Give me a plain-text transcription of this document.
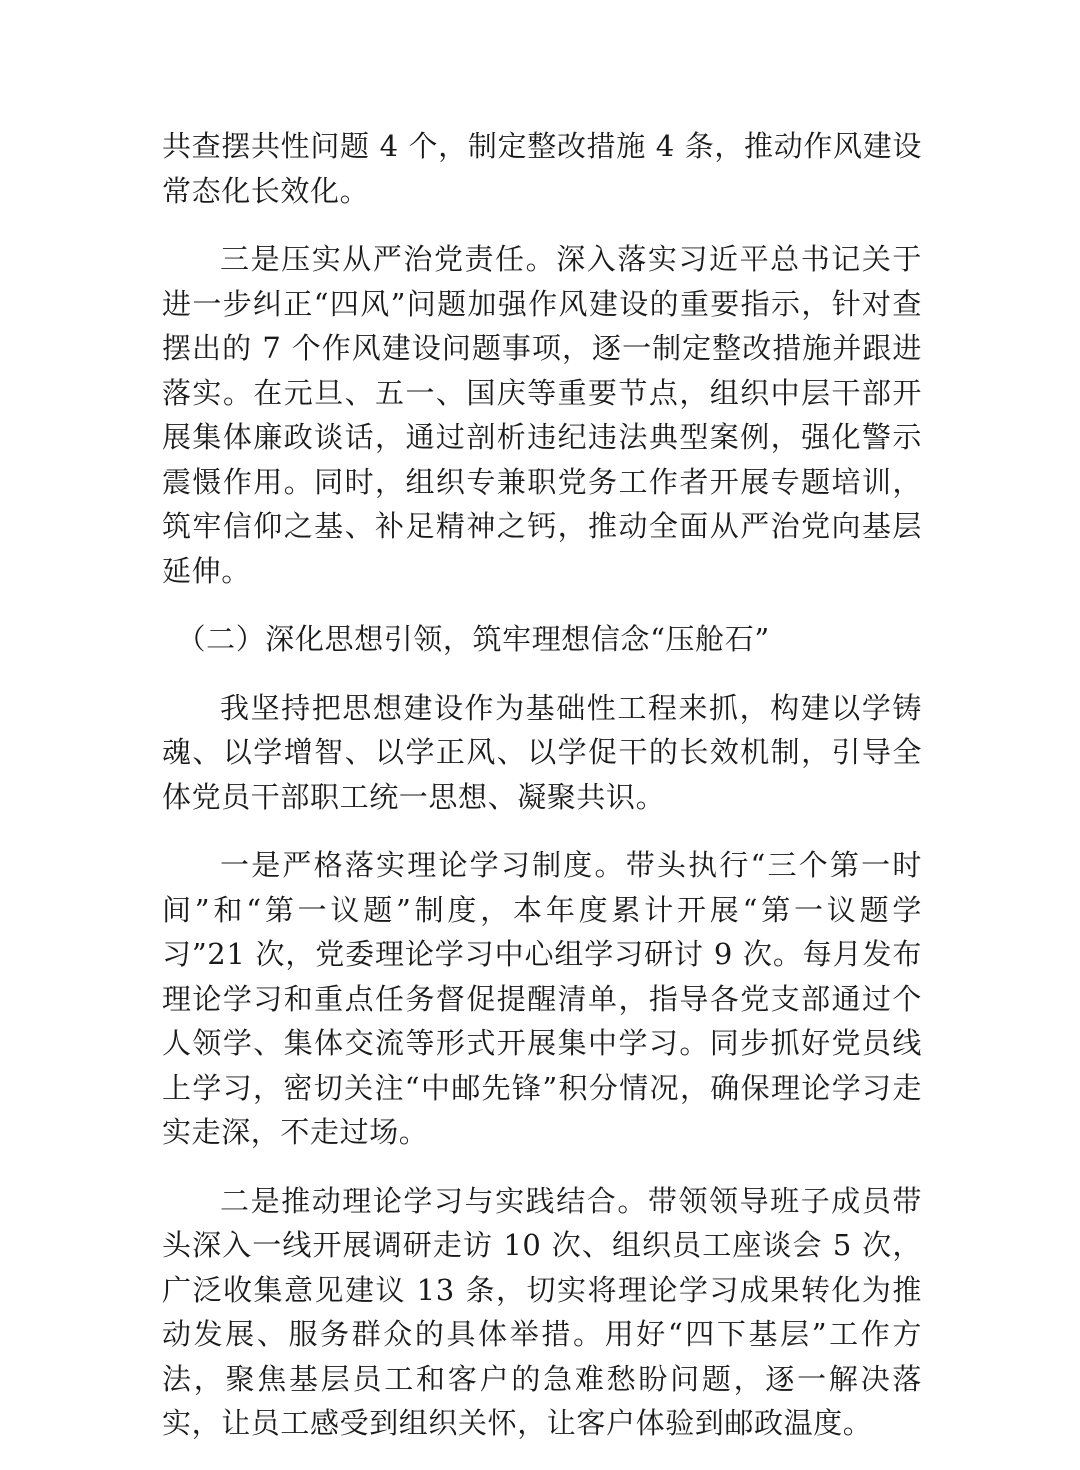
共查摆共性问题 4 个，制定整改措施 4 条，推动作风建设常态化长效化。

三是压实从严治党责任。深入落实习近平总书记关于进一步纠正“四风”问题加强作风建设的重要指示，针对查摆出的 7 个作风建设问题事项，逐一制定整改措施并跟进落实。在元旦、五一、国庆等重要节点，组织中层干部开展集体廉政谈话，通过剖析违纪违法典型案例，强化警示震慑作用。同时，组织专兼职党务工作者开展专题培训，筑牢信仰之基、补足精神之钙，推动全面从严治党向基层延伸。

（二）深化思想引领，筑牢理想信念“压舱石”

我坚持把思想建设作为基础性工程来抓，构建以学铸魂、以学增智、以学正风、以学促干的长效机制，引导全体党员干部职工统一思想、凝聚共识。

一是严格落实理论学习制度。带头执行“三个第一时间”和“第一议题”制度，本年度累计开展“第一议题学习”21 次，党委理论学习中心组学习研讨 9 次。每月发布理论学习和重点任务督促提醒清单，指导各党支部通过个人领学、集体交流等形式开展集中学习。同步抓好党员线上学习，密切关注“中邮先锋”积分情况，确保理论学习走实走深，不走过场。

二是推动理论学习与实践结合。带领领导班子成员带头深入一线开展调研走访 10 次、组织员工座谈会 5 次，广泛收集意见建议 13 条，切实将理论学习成果转化为推动发展、服务群众的具体举措。用好“四下基层”工作方法，聚焦基层员工和客户的急难愁盼问题，逐一解决落实，让员工感受到组织关怀，让客户体验到邮政温度。
